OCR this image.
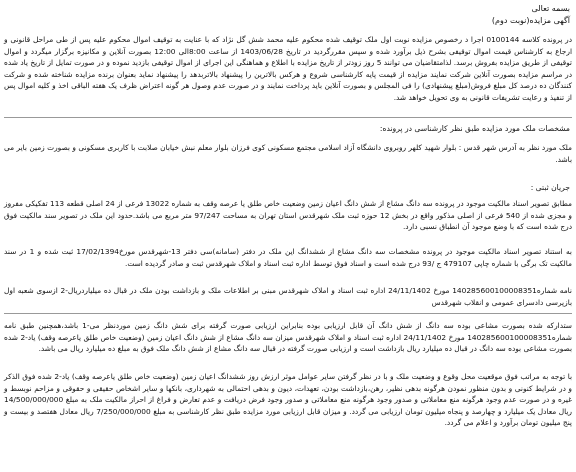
بسمه تعالی
آگهی مزایده(نوبت دوم)
در پرونده کلاسه 0100144 اجرا د رخصوص مزایده نوبت اول ملک توقیف شده محکوم علیه محمد شش گل نژاد که با عنایت به توقیف اموال محکوم علیه پس از طی مراحل قانونی و ارجاع به کارشناس قیمت اموال توقیفی بشرح ذیل برآورد شده و سپس مقررگردید در تاریخ 1403/06/28 از ساعت 8:00الی 12:00 بصورت آنلاین و مکانیزه برگزار میگردد و اموال توقیفی از طریق مزایده بفروش برسد. لذامتقاضیان می توانند 5 روز زودتر از تاریخ مزایده با اطلاع و هماهنگی این اجرای از اموال توقیفی بازدید نموده و در صورت تمایل از تاریخ یاد شده در مراسم مزایده بصورت آنلاین شرکت نمایند مزایده از قیمت پایه کارشناسی شروع و هرکس بالاترین را پیشنهاد بالاتربدهد را پیشنهاد نماید بعنوان برنده مزایده شناخته شده و شرکت کنندگان ده درصد کل مبلغ فروش(مبلغ پیشنهادی) را فی المجلس و بصورت آنلاین باید پرداخت نمایند و در صورت عدم وصول هر گونه اعتراض ظرف یک هفته الباقی اخذ و کلیه اموال پس از تنفیذ و رعایت تشریفات قانونی به وی تحویل خواهد شد.
مشخصات ملک مورد مزایده طبق نظر کارشناسی در پرونده:
ملک مورد نظر به آدرس شهر قدس : بلوار شهید کلهر روبروی دانشگاه آزاد اسلامی مجتمع مسکونی کوی فرزان بلوار معلم نبش خیابان صلابت با کاربری مسکونی و بصورت زمین بایر می باشد.
جریان ثبتی :
مطابق تصویر اسناد مالکیت موجود در پرونده سه دانگ مشاع از شش دانگ اعیان زمین وضعیت خاص طلق یا عرصه وقف به شماره 13022 فرعی از 24 اصلی قطعه 113 تفکیکی مفروز و مجزی شده از 540 فرعی از اصلی مذکور واقع در بخش 12 حوزه ثبت ملک شهرقدس استان تهران به مساحت 97/247 متر مربع می باشد.حدود این ملک در تصویر سند مالکیت فوق درج شده است که با وضع موجود آن انطباق نسبی دارد.
به استناد تصویر اسناد مالکیت موجود در پرونده مشخصات سه دانگ مشاع از ششدانگ این ملک در دفتر (سامانه)سی دفتر 13-شهرقدس مورخ17/02/1394 ثبت شده و 1 در سند مالکیت تک برگی با شماره چاپی 479107 ج /93 درج شده است و اسناد فوق توسط اداره ثبت اسناد و املاک شهرقدس ثبت و صادر گردیده است.
نامه شماره140285600100008351 مورخ 24/11/1402 اداره ثبت اسناد و املاک شهرقدس مبنی بر اطلاعات ملک و بازداشت بودن ملک در قبال ده میلیاردریال-2 ازسوی شعبه اول بازپرسی دادسرای عمومی و انقلاب شهرقدس
ستدارکه شده بصورت مشاعی بوده سه دانگ از شش دانگ آن قابل ارزیابی بوده بنابراین ارزیابی صورت گرفته برای شش دانگ زمین موردنظر می-1 باشد،همچنین طبق نامه شماره140285600100008351 مورخ 24/11/1402 اداره ثبت اسناد و املاک شهرقدس میزان سه دانگ مشاع از شش دانگ اعیان زمین (وضعیت خاص طلق یاعرصه وقف) یاد-2 شده بصورت مشاعی بوده سه دانگ در قبال ده میلیارد ریال بازداشت است و ارزیابی صورت گرفته در قبال سه دانگ مشاع از شش دانگ ملک فوق به مبلغ ده میلیارد ریال می باشد.
با توجه به مراتب فوق موقعیت محل وقوع و وضعیت ملک و با در نظر گرفتن سایر عوامل موثر ارزش روز ششدانگ اعیان زمین (وضعیت خاص طلق یاعرصه وقف) یاد-2 شده فوق الذکر و در شرایط کنونی و بدون منظور نمودن هرگونه بدهی نظیر، رهن،بازداشت بودن، تعهدات، دیون و بدهی احتمالی به شهرداری، بانکها و سایر اشخاص حقیقی و حقوقی و مزاحم نوبسط و غیره و در صورت عدم وجود هرگونه منع معاملاتی و صدور وجود هرگونه منع معاملاتی و صدور وجود فرض دریافت و عدم تعارض و فراغ از احراز مالکیت ملک به مبلغ 14/500/000/000 ریال معادل یک میلیارد و چهارصد و پنجاه میلیون تومان ارزیابی می گردد. و میزان قابل ارزیابی مورد مزایده طبق نظر کارشناسی به مبلغ 7/250/000/000 ریال معادل هفتصد و بیست و پنج میلیون تومان برآورد و اعلام می گردد.
